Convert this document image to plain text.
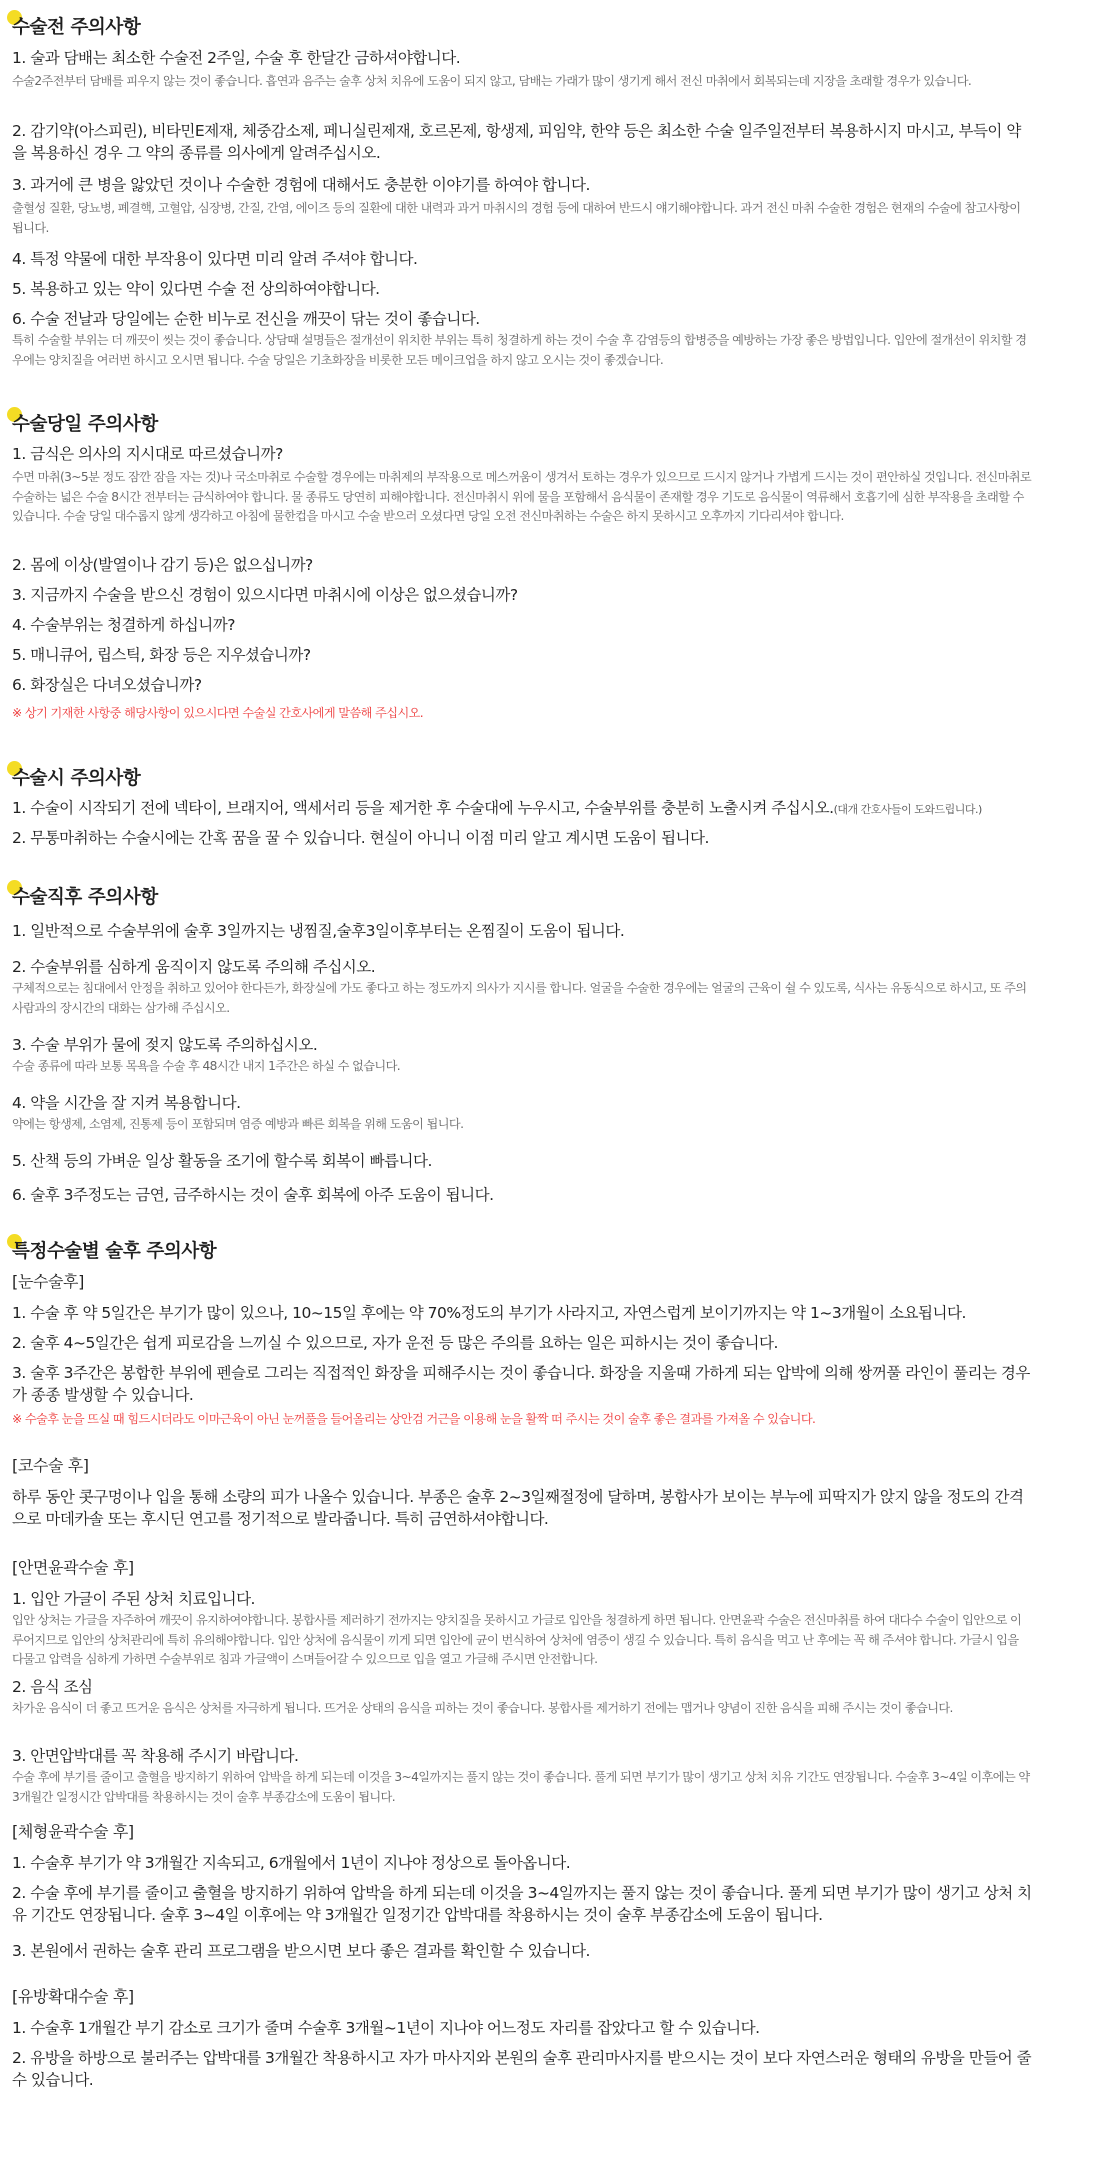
수술전 주의사항
1. 술과 담배는 최소한 수술전 2주일, 수술 후 한달간 금하셔야합니다.
수술2주전부터 담배를 피우지 않는 것이 좋습니다. 흡연과 음주는 술후 상처 치유에 도움이 되지 않고, 담배는 가래가 많이 생기게 해서 전신 마취에서 회복되는데 지장을 초래할 경우가 있습니다.
2. 감기약(아스피린), 비타민E제재, 체중감소제, 페니실린제재, 호르몬제, 항생제, 피임약, 한약 등은 최소한 수술 일주일전부터 복용하시지 마시고, 부득이 약을 복용하신 경우 그 약의 종류를 의사에게 알려주십시오.
3. 과거에 큰 병을 앓았던 것이나 수술한 경험에 대해서도 충분한 이야기를 하여야 합니다.
출혈성 질환, 당뇨병, 폐결핵, 고혈압, 심장병, 간질, 간염, 에이즈 등의 질환에 대한 내력과 과거 마취시의 경험 등에 대하여 반드시 얘기해야합니다. 과거 전신 마취 수술한 경험은 현재의 수술에 참고사항이 됩니다.
4. 특정 약물에 대한 부작용이 있다면 미리 알려 주셔야 합니다.
5. 복용하고 있는 약이 있다면 수술 전 상의하여야합니다.
6. 수술 전날과 당일에는 순한 비누로 전신을 깨끗이 닦는 것이 좋습니다.
특히 수술할 부위는 더 깨끗이 씻는 것이 좋습니다. 상담때 설명들은 절개선이 위치한 부위는 특히 청결하게 하는 것이 수술 후 감염등의 합병증을 예방하는 가장 좋은 방법입니다. 입안에 절개선이 위치할 경우에는 양치질을 여러번 하시고 오시면 됩니다. 수술 당일은 기초화장을 비롯한 모든 메이크업을 하지 않고 오시는 것이 좋겠습니다.
수술당일 주의사항
1. 금식은 의사의 지시대로 따르셨습니까?
수면 마취(3~5분 정도 잠깐 잠을 자는 것)나 국소마취로 수술할 경우에는 마취제의 부작용으로 메스꺼움이 생겨서 토하는 경우가 있으므로 드시지 않거나 가볍게 드시는 것이 편안하실 것입니다. 전신마취로 수술하는 넓은 수술 8시간 전부터는 금식하여야 합니다. 물 종류도 당연히 피해야합니다. 전신마취시 위에 물을 포함해서 음식물이 존재할 경우 기도로 음식물이 역류해서 호흡기에 심한 부작용을 초래할 수 있습니다. 수술 당일 대수롭지 않게 생각하고 아침에 물한컵을 마시고 수술 받으러 오셨다면 당일 오전 전신마취하는 수술은 하지 못하시고 오후까지 기다리셔야 합니다.
2. 몸에 이상(발열이나 감기 등)은 없으십니까?
3. 지금까지 수술을 받으신 경험이 있으시다면 마취시에 이상은 없으셨습니까?
4. 수술부위는 청결하게 하십니까?
5. 매니큐어, 립스틱, 화장 등은 지우셨습니까?
6. 화장실은 다녀오셨습니까?
※ 상기 기재한 사항중 해당사항이 있으시다면 수술실 간호사에게 말씀해 주십시오.
수술시 주의사항
1. 수술이 시작되기 전에 넥타이, 브래지어, 액세서리 등을 제거한 후 수술대에 누우시고, 수술부위를 충분히 노출시켜 주십시오.(대개 간호사들이 도와드립니다.)
2. 무통마취하는 수술시에는 간혹 꿈을 꿀 수 있습니다. 현실이 아니니 이점 미리 알고 계시면 도움이 됩니다.
수술직후 주의사항
1. 일반적으로 수술부위에 술후 3일까지는 냉찜질,술후3일이후부터는 온찜질이 도움이 됩니다.
2. 수술부위를 심하게 움직이지 않도록 주의해 주십시오.
구체적으로는 침대에서 안정을 취하고 있어야 한다든가, 화장실에 가도 좋다고 하는 정도까지 의사가 지시를 합니다. 얼굴을 수술한 경우에는 얼굴의 근육이 쉴 수 있도록, 식사는 유동식으로 하시고, 또 주의사람과의 장시간의 대화는 삼가해 주십시오.
3. 수술 부위가 물에 젖지 않도록 주의하십시오.
수술 종류에 따라 보통 목욕을 수술 후 48시간 내지 1주간은 하실 수 없습니다.
4. 약을 시간을 잘 지켜 복용합니다.
약에는 항생제, 소염제, 진통제 등이 포함되며 염증 예방과 빠른 회복을 위해 도움이 됩니다.
5. 산책 등의 가벼운 일상 활동을 조기에 할수록 회복이 빠릅니다.
6. 술후 3주정도는 금연, 금주하시는 것이 술후 회복에 아주 도움이 됩니다.
특정수술별 술후 주의사항
[눈수술후]
1. 수술 후 약 5일간은 부기가 많이 있으나, 10~15일 후에는 약 70%정도의 부기가 사라지고, 자연스럽게 보이기까지는 약 1~3개월이 소요됩니다.
2. 술후 4~5일간은 쉽게 피로감을 느끼실 수 있으므로, 자가 운전 등 많은 주의를 요하는 일은 피하시는 것이 좋습니다.
3. 술후 3주간은 봉합한 부위에 펜슬로 그리는 직접적인 화장을 피해주시는 것이 좋습니다. 화장을 지울때 가하게 되는 압박에 의해 쌍꺼풀 라인이 풀리는 경우가 종종 발생할 수 있습니다.
※ 수술후 눈을 뜨실 때 힘드시더라도 이마근육이 아닌 눈꺼풀을 들어올리는 상안검 거근을 이용해 눈을 활짝 떠 주시는 것이 술후 좋은 결과를 가져올 수 있습니다.
[코수술 후]
하루 동안 콧구멍이나 입을 통해 소량의 피가 나올수 있습니다. 부종은 술후 2~3일째절정에 달하며, 봉합사가 보이는 부누에 피딱지가 앉지 않을 정도의 간격으로 마데카솔 또는 후시딘 연고를 정기적으로 발라줍니다. 특히 금연하셔야합니다.
[안면윤곽수술 후]
1. 입안 가글이 주된 상처 치료입니다.
입안 상처는 가글을 자주하여 깨끗이 유지하여야합니다. 봉합사를 제러하기 전까지는 양치질을 못하시고 가글로 입안을 청결하게 하면 됩니다. 안면윤곽 수술은 전신마취를 하여 대다수 수술이 입안으로 이루어지므로 입안의 상처관리에 특히 유의해야합니다. 입안 상처에 음식물이 끼게 되면 입안에 균이 번식하여 상처에 염증이 생길 수 있습니다. 특히 음식을 먹고 난 후에는 꼭 해 주셔야 합니다. 가글시 입을 다물고 압력을 심하게 가하면 수술부위로 침과 가글액이 스며들어갈 수 있으므로 입을 열고 가글해 주시면 안전합니다.
2. 음식 조심
차가운 음식이 더 좋고 뜨거운 음식은 상처를 자극하게 됩니다. 뜨거운 상태의 음식을 피하는 것이 좋습니다. 봉합사를 제거하기 전에는 맵거나 양념이 진한 음식을 피해 주시는 것이 좋습니다.
3. 안면압박대를 꼭 착용해 주시기 바랍니다.
수술 후에 부기를 줄이고 출혈을 방지하기 위하여 압박을 하게 되는데 이것을 3~4일까지는 풀지 않는 것이 좋습니다. 풀게 되면 부기가 많이 생기고 상처 치유 기간도 연장됩니다. 수술후 3~4일 이후에는 약 3개월간 일정시간 압박대를 착용하시는 것이 술후 부종감소에 도움이 됩니다.
[체형윤곽수술 후]
1. 수술후 부기가 약 3개월간 지속되고, 6개월에서 1년이 지나야 정상으로 돌아옵니다.
2. 수술 후에 부기를 줄이고 출혈을 방지하기 위하여 압박을 하게 되는데 이것을 3~4일까지는 풀지 않는 것이 좋습니다. 풀게 되면 부기가 많이 생기고 상처 치유 기간도 연장됩니다. 술후 3~4일 이후에는 약 3개월간 일정기간 압박대를 착용하시는 것이 술후 부종감소에 도움이 됩니다.
3. 본원에서 권하는 술후 관리 프로그램을 받으시면 보다 좋은 결과를 확인할 수 있습니다.
[유방확대수술 후]
1. 수술후 1개월간 부기 감소로 크기가 줄며 수술후 3개월~1년이 지나야 어느정도 자리를 잡았다고 할 수 있습니다.
2. 유방을 하방으로 불러주는 압박대를 3개월간 착용하시고 자가 마사지와 본원의 술후 관리마사지를 받으시는 것이 보다 자연스러운 형태의 유방을 만들어 줄 수 있습니다.
